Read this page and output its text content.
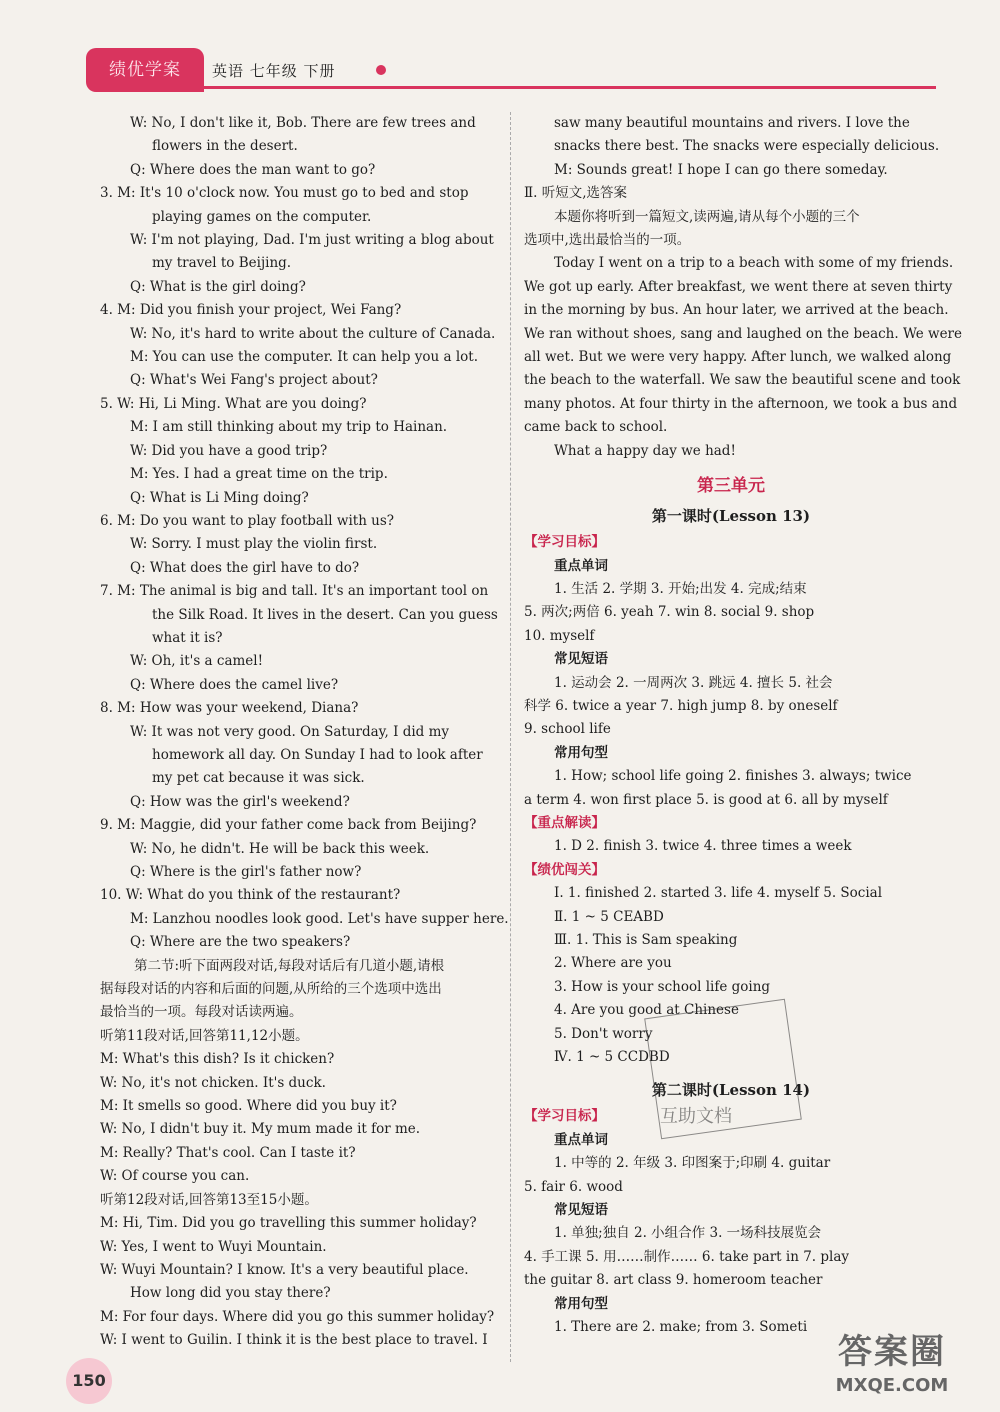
绩优学案	英语 七年级 下册
W: No, I don't like it, Bob. There are few trees and
flowers in the desert.
Q: Where does the man want to go?
3. M: It's 10 o'clock now. You must go to bed and stop
playing games on the computer.
W: I'm not playing, Dad. I'm just writing a blog about
my travel to Beijing.
Q: What is the girl doing?
4. M: Did you finish your project, Wei Fang?
W: No, it's hard to write about the culture of Canada.
M: You can use the computer. It can help you a lot.
Q: What's Wei Fang's project about?
5. W: Hi, Li Ming. What are you doing?
M: I am still thinking about my trip to Hainan.
W: Did you have a good trip?
M: Yes. I had a great time on the trip.
Q: What is Li Ming doing?
6. M: Do you want to play football with us?
W: Sorry. I must play the violin first.
Q: What does the girl have to do?
7. M: The animal is big and tall. It's an important tool on
the Silk Road. It lives in the desert. Can you guess
what it is?
W: Oh, it's a camel!
Q: Where does the camel live?
8. M: How was your weekend, Diana?
W: It was not very good. On Saturday, I did my
homework all day. On Sunday I had to look after
my pet cat because it was sick.
Q: How was the girl's weekend?
9. M: Maggie, did your father come back from Beijing?
W: No, he didn't. He will be back this week.
Q: Where is the girl's father now?
10. W: What do you think of the restaurant?
M: Lanzhou noodles look good. Let's have supper here.
Q: Where are the two speakers?
第二节:听下面两段对话,每段对话后有几道小题,请根
据每段对话的内容和后面的问题,从所给的三个选项中选出
最恰当的一项。每段对话读两遍。
听第11段对话,回答第11,12小题。
M: What's this dish? Is it chicken?
W: No, it's not chicken. It's duck.
M: It smells so good. Where did you buy it?
W: No, I didn't buy it. My mum made it for me.
M: Really? That's cool. Can I taste it?
W: Of course you can.
听第12段对话,回答第13至15小题。
M: Hi, Tim. Did you go travelling this summer holiday?
W: Yes, I went to Wuyi Mountain.
W: Wuyi Mountain? I know. It's a very beautiful place.
How long did you stay there?
M: For four days. Where did you go this summer holiday?
W: I went to Guilin. I think it is the best place to travel. I
saw many beautiful mountains and rivers. I love the
snacks there best. The snacks were especially delicious.
M: Sounds great! I hope I can go there someday.
Ⅱ. 听短文,选答案
本题你将听到一篇短文,读两遍,请从每个小题的三个
选项中,选出最恰当的一项。
Today I went on a trip to a beach with some of my friends.
We got up early. After breakfast, we went there at seven thirty
in the morning by bus. An hour later, we arrived at the beach.
We ran without shoes, sang and laughed on the beach. We were
all wet. But we were very happy. After lunch, we walked along
the beach to the waterfall. We saw the beautiful scene and took
many photos. At four thirty in the afternoon, we took a bus and
came back to school.
What a happy day we had!
第三单元
第一课时(Lesson 13)
【学习目标】
重点单词
1. 生活 2. 学期 3. 开始;出发 4. 完成;结束
5. 两次;两倍 6. yeah 7. win 8. social 9. shop
10. myself
常见短语
1. 运动会 2. 一周两次 3. 跳远 4. 擅长 5. 社会
科学 6. twice a year 7. high jump 8. by oneself
9. school life
常用句型
1. How; school life going 2. finishes 3. always; twice
a term 4. won first place 5. is good at 6. all by myself
【重点解读】
1. D 2. finish 3. twice 4. three times a week
【绩优闯关】
Ⅰ. 1. finished 2. started 3. life 4. myself 5. Social
Ⅱ. 1 ~ 5 CEABD
Ⅲ. 1. This is Sam speaking
2. Where are you
3. How is your school life going
4. Are you good at Chinese
5. Don't worry
Ⅳ. 1 ~ 5 CCDBD
第二课时(Lesson 14)
【学习目标】
重点单词
1. 中等的 2. 年级 3. 印图案于;印刷 4. guitar
5. fair 6. wood
常见短语
1. 单独;独自 2. 小组合作 3. 一场科技展览会
4. 手工课 5. 用……制作…… 6. take part in 7. play
the guitar 8. art class 9. homeroom teacher
常用句型
1. There are 2. make; from 3. Someti
互助文档
150
答案圈
MXQE.COM
